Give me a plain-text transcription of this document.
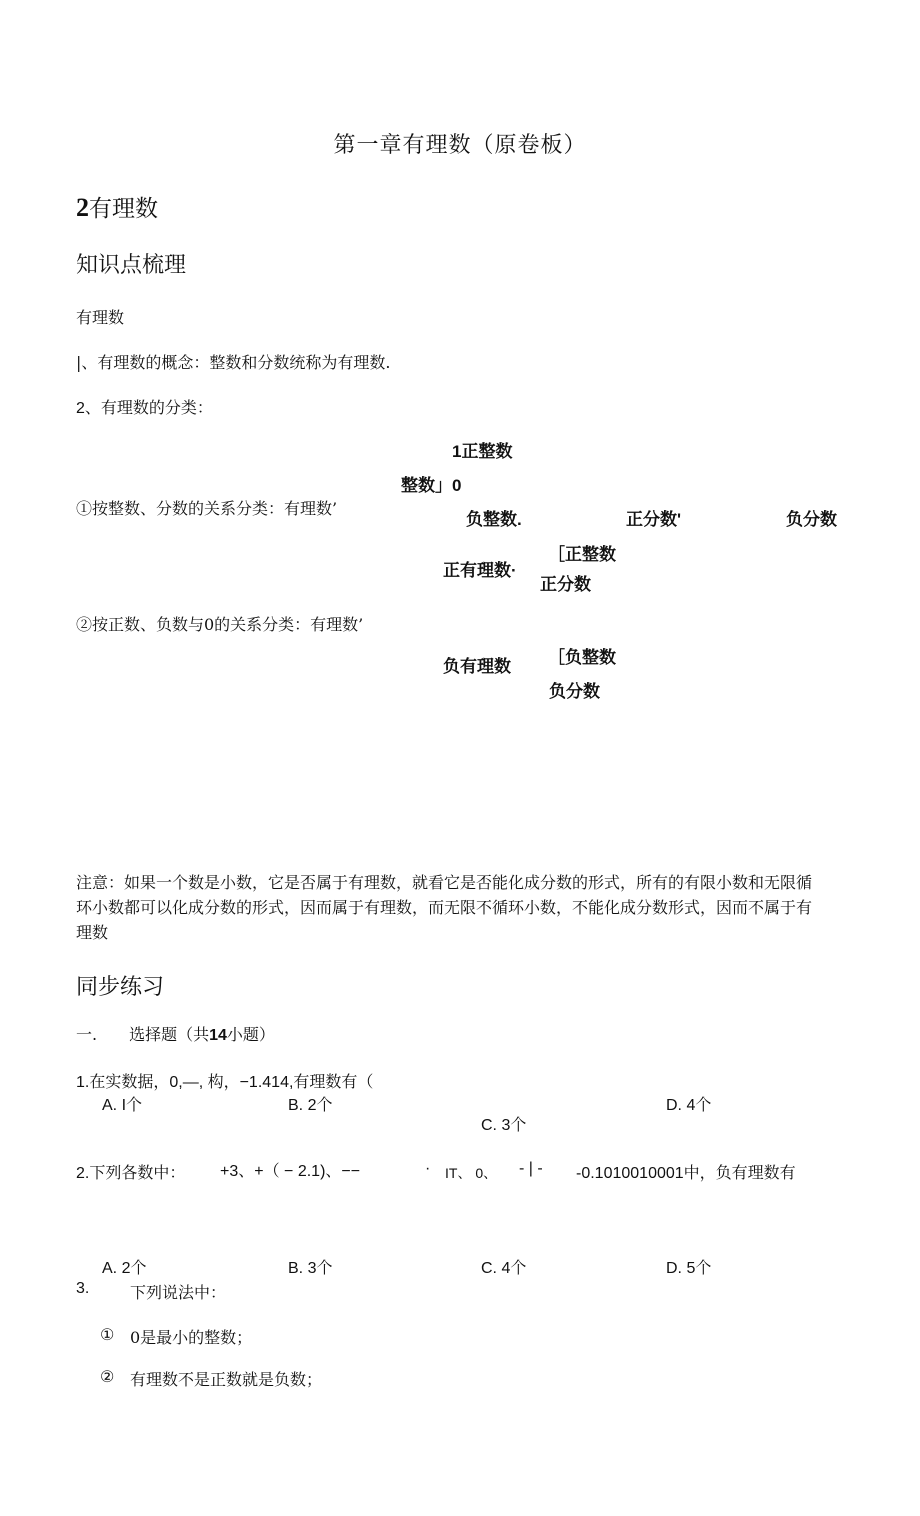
第一章有理数（原卷板）
2有理数
知识点梳理
有理数
|、有理数的概念：整数和分数统称为有理数.
2、有理数的分类：
1正整数
整数」0
①按整数、分数的关系分类：有理数’
负整数.	正分数'	负分数
［正整数
正有理数·
正分数
②按正数、负数与0的关系分类：有理数’
［负整数
负有理数
负分数
注意：如果一个数是小数，它是否属于有理数，就看它是否能化成分数的形式，所有的有限小数和无限循环小数都可以化成分数的形式，因而属于有理数，而无限不循环小数，不能化成分数形式，因而不属于有理数
同步练习
一. 选择题（共14小题）
1.在实数据，0,—, 构，−1.414,有理数有（
A. I个	B. 2个
C. 3个
D. 4个
2.下列各数中： +3、+（ − 2.1)、−−	· IT、 0、 - | - -0.1010010001中，负有理数有
A. 2个	B. 3个	C. 4个	D. 5个
3.	下列说法中：
① 0是最小的整数；
② 有理数不是正数就是负数；
